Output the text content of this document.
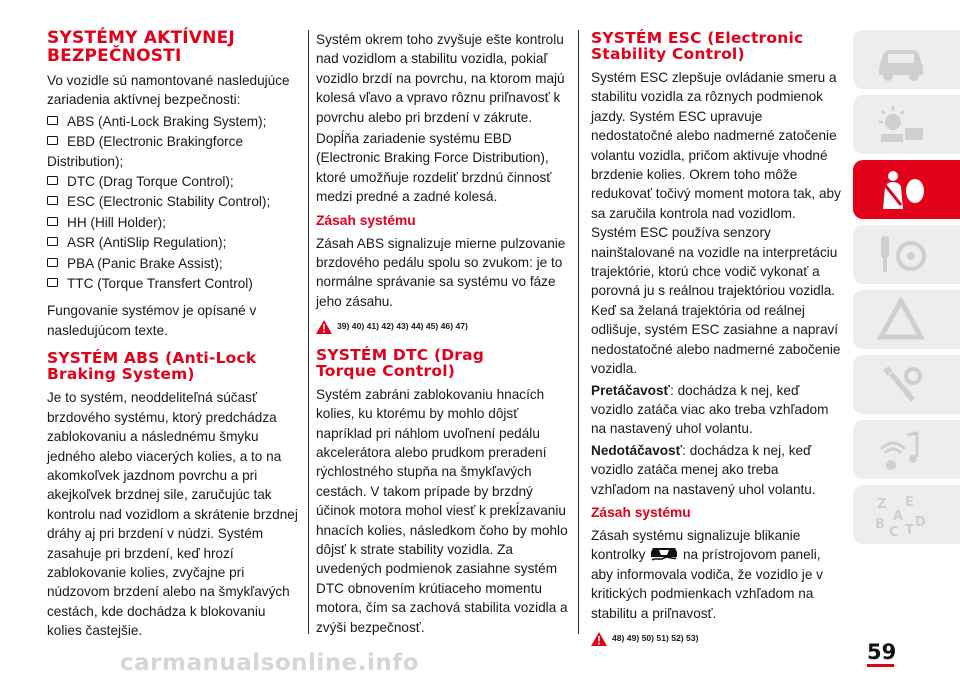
SYSTÉMY AKTÍVNEJ
BEZPEČNOSTI

Vo vozidle sú namontované nasledujúce zariadenia aktívnej bezpečnosti:

ABS (Anti-Lock Braking System);
EBD (Electronic Brakingforce Distribution);
DTC (Drag Torque Control);
ESC (Electronic Stability Control);
HH (Hill Holder);
ASR (AntiSlip Regulation);
PBA (Panic Brake Assist);
TTC (Torque Transfert Control)

Fungovanie systémov je opísané v nasledujúcom texte.

SYSTÉM ABS (Anti-Lock
Braking System)

Je to systém, neoddeliteľná súčasť brzdového systému, ktorý predchádza zablokovaniu a následnému šmyku jedného alebo viacerých kolies, a to na akomkoľvek jazdnom povrchu a pri akejkoľvek brzdnej sile, zaručujúc tak kontrolu nad vozidlom a skrátenie brzdnej dráhy aj pri brzdení v núdzi. Systém zasahuje pri brzdení, keď hrozí zablokovanie kolies, zvyčajne pri núdzovom brzdení alebo na šmykľavých cestách, kde dochádza k blokovaniu kolies častejšie.

Systém okrem toho zvyšuje ešte kontrolu nad vozidlom a stabilitu vozidla, pokiaľ vozidlo brzdí na povrchu, na ktorom majú kolesá vľavo a vpravo rôznu priľnavosť k povrchu alebo pri brzdení v zákrute.

Dopĺňa zariadenie systému EBD (Electronic Braking Force Distribution), ktoré umožňuje rozdeliť brzdnú činnosť medzi predné a zadné kolesá.

Zásah systému

Zásah ABS signalizuje mierne pulzovanie brzdového pedálu spolu so zvukom: je to normálne správanie sa systému vo fáze jeho zásahu.

39) 40) 41) 42) 43) 44) 45) 46) 47)
SYSTÉM DTC (Drag
Torque Control)

Systém zabráni zablokovaniu hnacích kolies, ku ktorému by mohlo dôjsť napríklad pri náhlom uvoľnení pedálu akcelerátora alebo prudkom preradení rýchlostného stupňa na šmykľavých cestách. V takom prípade by brzdný účinok motora mohol viesť k prekĺzavaniu hnacích kolies, následkom čoho by mohlo dôjsť k strate stability vozidla. Za uvedených podmienok zasiahne systém DTC obnovením krútiaceho momentu motora, čím sa zachová stabilita vozidla a zvýši bezpečnosť.

SYSTÉM ESC (Electronic
Stability Control)

Systém ESC zlepšuje ovládanie smeru a stabilitu vozidla za rôznych podmienok jazdy. Systém ESC upravuje nedostatočné alebo nadmerné zatočenie volantu vozidla, pričom aktivuje vhodné brzdenie kolies. Okrem toho môže redukovať točivý moment motora tak, aby sa zaručila kontrola nad vozidlom. Systém ESC používa senzory nainštalované na vozidle na interpretáciu trajektórie, ktorú chce vodič vykonať a porovná ju s reálnou trajektóriou vozidla. Keď sa želaná trajektória od reálnej odlišuje, systém ESC zasiahne a napraví nedostatočné alebo nadmerné zabočenie vozidla.

Pretáčavosť: dochádza k nej, keď vozidlo zatáča viac ako treba vzhľadom na nastavený uhol volantu.

Nedotáčavosť: dochádza k nej, keď vozidlo zatáča menej ako treba vzhľadom na nastavený uhol volantu.

Zásah systému

Zásah systému signalizuje blikanie kontrolky	na prístrojovom paneli, aby informovala vodiča, že vozidlo je v kritických podmienkach vzhľadom na stabilitu a priľnavosť.

48) 49) 50) 51) 52) 53)
Z E
A
B
C T
D
59
carmanualsonline.info
